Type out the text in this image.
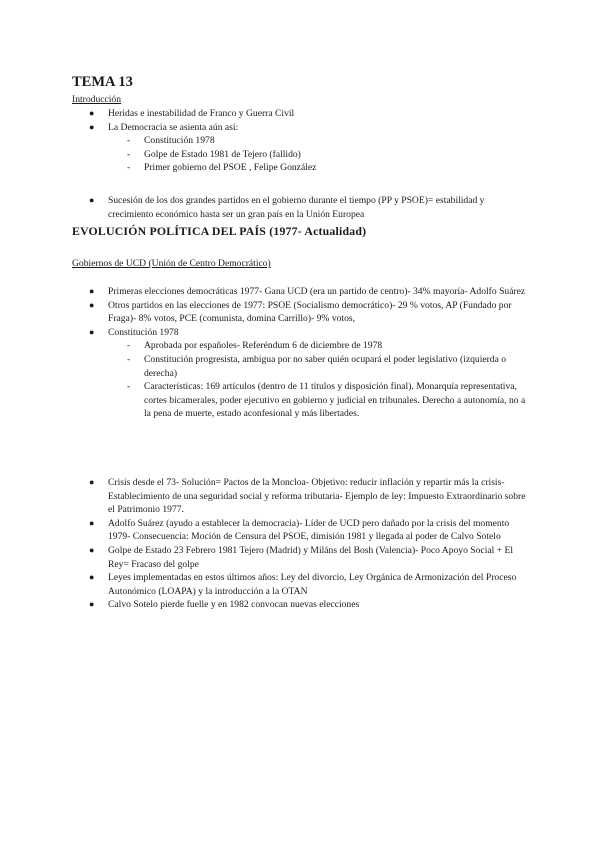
TEMA 13
Introducción
● Heridas e inestabilidad de Franco y Guerra Civil
● La Democracia se asienta aún así:
- Constitución 1978
- Golpe de Estado 1981 de Tejero (fallido)
- Primer gobierno del PSOE , Felipe González
● Sucesión de los dos grandes partidos en el gobierno durante el tiempo (PP y PSOE)= estabilidad y crecimiento económico hasta ser un gran país en la Unión Europea
EVOLUCIÓN POLÍTICA DEL PAÍS (1977- Actualidad)
Gobiernos de UCD (Unión de Centro Democrático)
● Primeras elecciones democráticas 1977- Gana UCD (era un partido de centro)- 34% mayoría- Adolfo Suárez
● Otros partidos en las elecciones de 1977: PSOE (Socialismo democrático)- 29 % votos, AP (Fundado por Fraga)- 8% votos, PCE (comunista, domina Carrillo)- 9% votos,
● Constitución 1978
- Aprobada por españoles- Referéndum 6 de diciembre de 1978
- Constitución progresista, ambigua por no saber quién ocupará el poder legislativo (izquierda o derecha)
- Características: 169 artículos (dentro de 11 títulos y disposición final). Monarquía representativa, cortes bicamerales, poder ejecutivo en gobierno y judicial en tribunales. Derecho a autonomía, no a la pena de muerte, estado aconfesional y más libertades.
● Crisis desde el 73- Solución= Pactos de la Moncloa- Objetivo: reducir inflación y repartir más la crisis- Establecimiento de una seguridad social y reforma tributaria- Ejemplo de ley: Impuesto Extraordinario sobre el Patrimonio 1977.
● Adolfo Suárez (ayudo a establecer la democracia)- Líder de UCD pero dañado por la crisis del momento 1979- Consecuencia: Moción de Censura del PSOE, dimisión 1981 y llegada al poder de Calvo Sotelo
● Golpe de Estado 23 Febrero 1981 Tejero (Madrid) y Miláns del Bosh (Valencia)- Poco Apoyo Social + El Rey= Fracaso del golpe
● Leyes implementadas en estos últimos años: Ley del divorcio, Ley Orgánica de Armonización del Proceso Autonómico (LOAPA) y la introducción a la OTAN
● Calvo Sotelo pierde fuelle y en 1982 convocan nuevas elecciones
